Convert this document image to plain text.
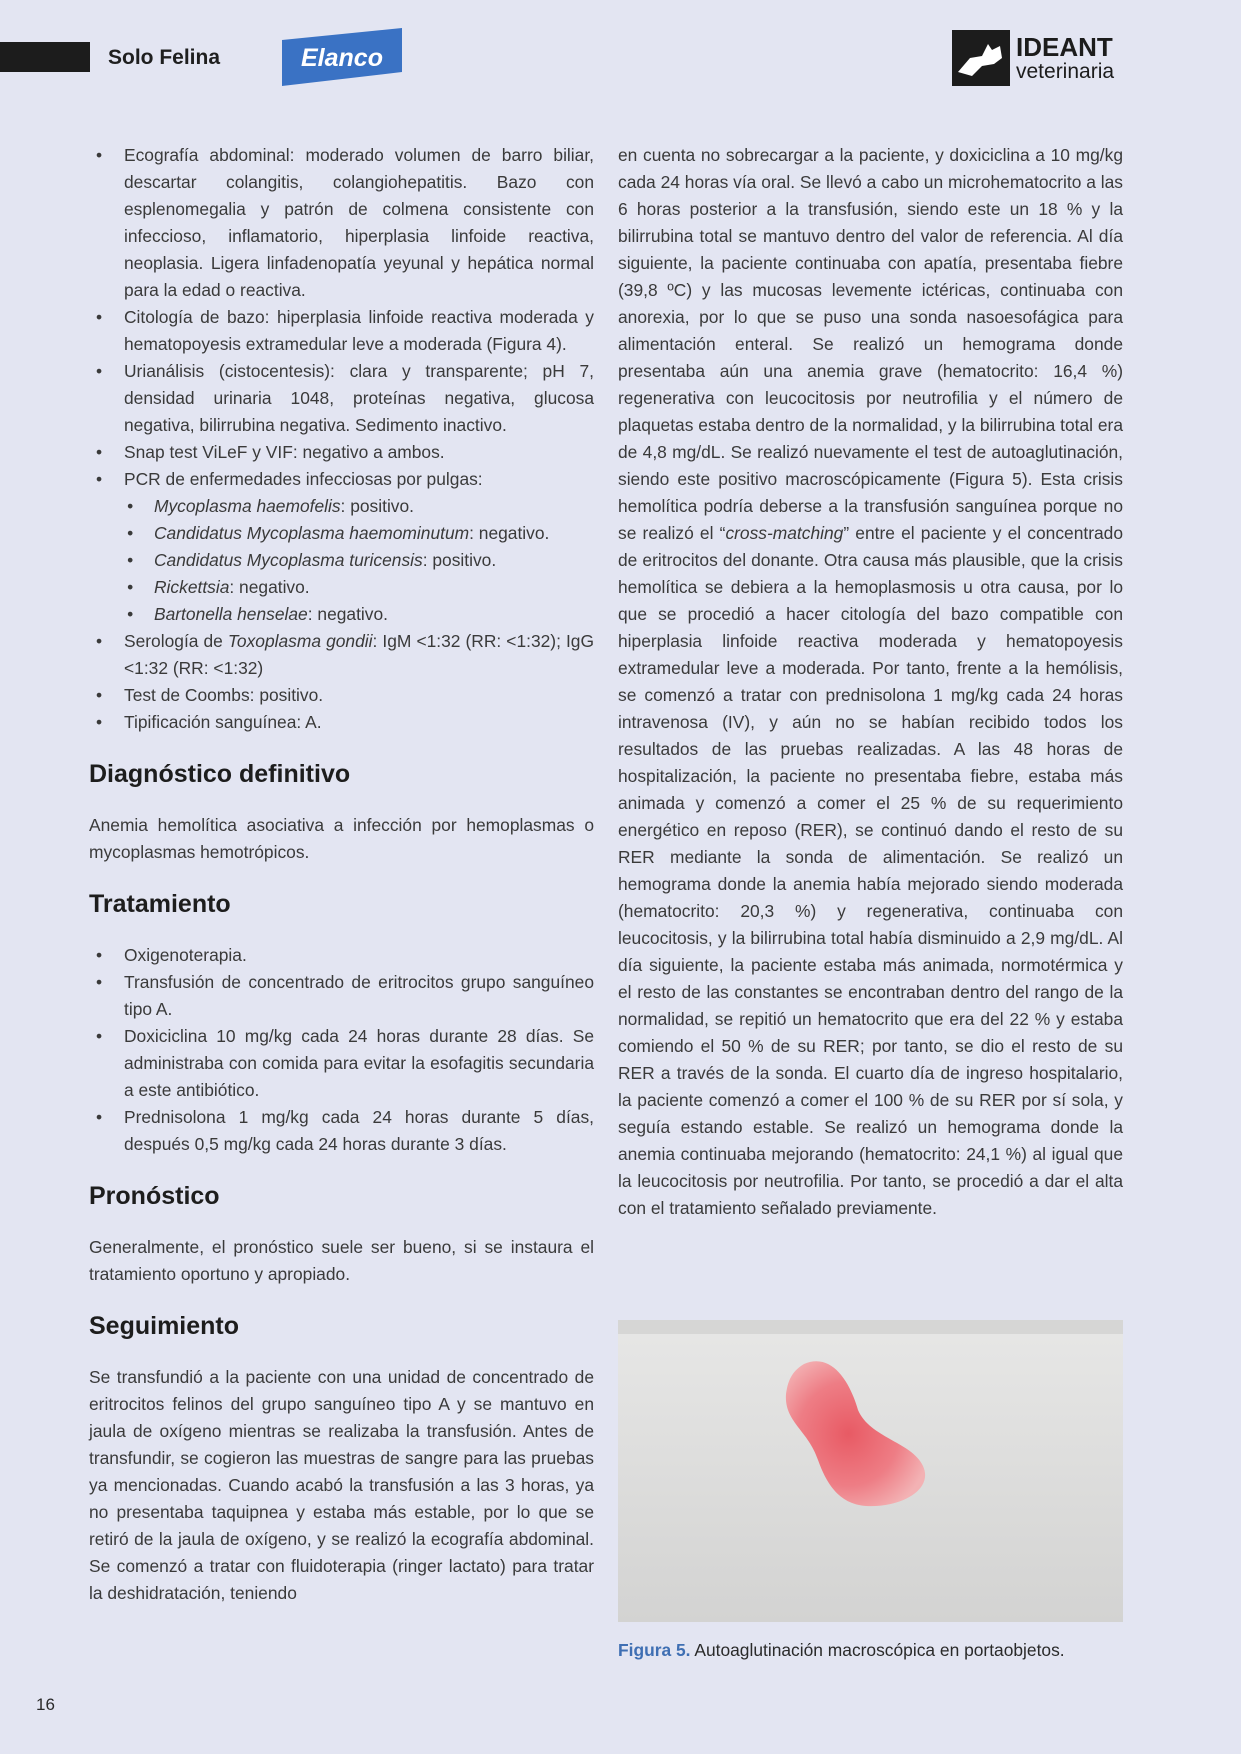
Solo Felina	Elanco	IDEANT
veterinaria
• Ecografía abdominal: moderado volumen de barro biliar, descartar colangitis, colangiohepatitis. Bazo con esplenomegalia y patrón de colmena consistente con infeccioso, inflamatorio, hiperplasia linfoide reactiva, neoplasia. Ligera linfadenopatía yeyunal y hepática normal para la edad o reactiva.
• Citología de bazo: hiperplasia linfoide reactiva moderada y hematopoyesis extramedular leve a moderada (Figura 4).
• Urianálisis (cistocentesis): clara y transparente; pH 7, densidad urinaria 1048, proteínas negativa, glucosa negativa, bilirrubina negativa. Sedimento inactivo.
• Snap test ViLeF y VIF: negativo a ambos.
• PCR de enfermedades infecciosas por pulgas:
• Mycoplasma haemofelis: positivo.
• Candidatus Mycoplasma haemominutum: negativo.
• Candidatus Mycoplasma turicensis: positivo.
• Rickettsia: negativo.
• Bartonella henselae: negativo.
• Serología de Toxoplasma gondii: IgM <1:32 (RR: <1:32); IgG <1:32 (RR: <1:32)
• Test de Coombs: positivo.
• Tipificación sanguínea: A.
Diagnóstico definitivo

Anemia hemolítica asociativa a infección por hemoplasmas o mycoplasmas hemotrópicos.

Tratamiento
• Oxigenoterapia.
• Transfusión de concentrado de eritrocitos grupo sanguíneo tipo A.
• Doxiciclina 10 mg/kg cada 24 horas durante 28 días. Se administraba con comida para evitar la esofagitis secundaria a este antibiótico.
• Prednisolona 1 mg/kg cada 24 horas durante 5 días, después 0,5 mg/kg cada 24 horas durante 3 días.
Pronóstico

Generalmente, el pronóstico suele ser bueno, si se instaura el tratamiento oportuno y apropiado.

Seguimiento

Se transfundió a la paciente con una unidad de concentrado de eritrocitos felinos del grupo sanguíneo tipo A y se mantuvo en jaula de oxígeno mientras se realizaba la transfusión. Antes de transfundir, se cogieron las muestras de sangre para las pruebas ya mencionadas. Cuando acabó la transfusión a las 3 horas, ya no presentaba taquipnea y estaba más estable, por lo que se retiró de la jaula de oxígeno, y se realizó la ecografía abdominal. Se comenzó a tratar con fluidoterapia (ringer lactato) para tratar la deshidratación, teniendo

en cuenta no sobrecargar a la paciente, y doxiciclina a 10 mg/kg cada 24 horas vía oral. Se llevó a cabo un microhematocrito a las 6 horas posterior a la transfusión, siendo este un 18 % y la bilirrubina total se mantuvo dentro del valor de referencia. Al día siguiente, la paciente continuaba con apatía, presentaba fiebre (39,8 ºC) y las mucosas levemente ictéricas, continuaba con anorexia, por lo que se puso una sonda nasoesofágica para alimentación enteral. Se realizó un hemograma donde presentaba aún una anemia grave (hematocrito: 16,4 %) regenerativa con leucocitosis por neutrofilia y el número de plaquetas estaba dentro de la normalidad, y la bilirrubina total era de 4,8 mg/dL. Se realizó nuevamente el test de autoaglutinación, siendo este positivo macroscópicamente (Figura 5). Esta crisis hemolítica podría deberse a la transfusión sanguínea porque no se realizó el “cross-matching” entre el paciente y el concentrado de eritrocitos del donante. Otra causa más plausible, que la crisis hemolítica se debiera a la hemoplasmosis u otra causa, por lo que se procedió a hacer citología del bazo compatible con hiperplasia linfoide reactiva moderada y hematopoyesis extramedular leve a moderada. Por tanto, frente a la hemólisis, se comenzó a tratar con prednisolona 1 mg/kg cada 24 horas intravenosa (IV), y aún no se habían recibido todos los resultados de las pruebas realizadas. A las 48 horas de hospitalización, la paciente no presentaba fiebre, estaba más animada y comenzó a comer el 25 % de su requerimiento energético en reposo (RER), se continuó dando el resto de su RER mediante la sonda de alimentación. Se realizó un hemograma donde la anemia había mejorado siendo moderada (hematocrito: 20,3 %) y regenerativa, continuaba con leucocitosis, y la bilirrubina total había disminuido a 2,9 mg/dL. Al día siguiente, la paciente estaba más animada, normotérmica y el resto de las constantes se encontraban dentro del rango de la normalidad, se repitió un hematocrito que era del 22 % y estaba comiendo el 50 % de su RER; por tanto, se dio el resto de su RER a través de la sonda. El cuarto día de ingreso hospitalario, la paciente comenzó a comer el 100 % de su RER por sí sola, y seguía estando estable. Se realizó un hemograma donde la anemia continuaba mejorando (hematocrito: 24,1 %) al igual que la leucocitosis por neutrofilia. Por tanto, se procedió a dar el alta con el tratamiento señalado previamente.

Figura 5. Autoaglutinación macroscópica en portaobjetos.
16
